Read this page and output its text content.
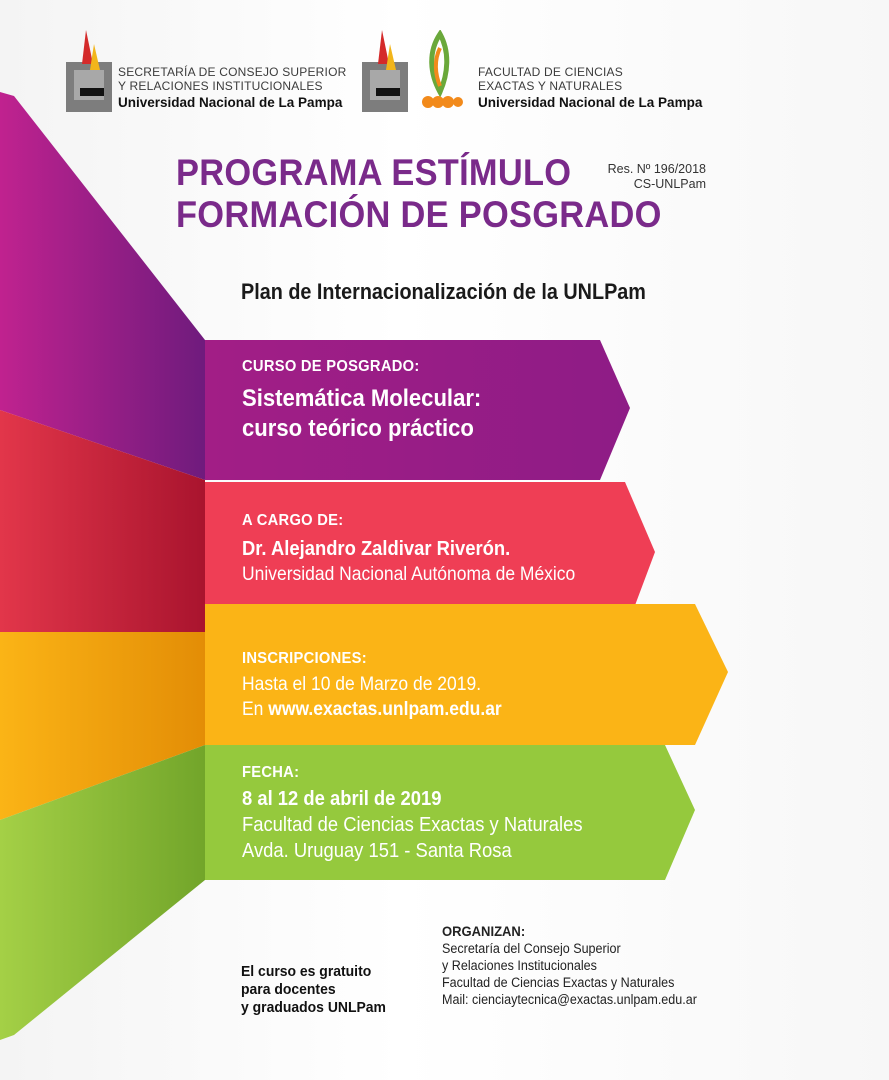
SECRETARÍA DE CONSEJO SUPERIOR
Y RELACIONES INSTITUCIONALES
Universidad Nacional de La Pampa
FACULTAD DE CIENCIAS
EXACTAS Y NATURALES
Universidad Nacional de La Pampa
PROGRAMA ESTÍMULO
FORMACIÓN DE POSGRADO
Res. Nº 196/2018
CS-UNLPam
Plan de Internacionalización de la UNLPam
CURSO DE POSGRADO:
Sistemática Molecular:
curso teórico práctico
A CARGO DE:
Dr. Alejandro Zaldivar Riverón.
Universidad Nacional Autónoma de México
INSCRIPCIONES:
Hasta el 10 de Marzo de 2019.
En www.exactas.unlpam.edu.ar
FECHA:
8 al 12 de abril de 2019
Facultad de Ciencias Exactas y Naturales
Avda. Uruguay 151 - Santa Rosa
El curso es gratuito
para docentes
y graduados UNLPam
ORGANIZAN:
Secretaría del Consejo Superior
y Relaciones Institucionales
Facultad de Ciencias Exactas y Naturales
Mail: cienciaytecnica@exactas.unlpam.edu.ar
